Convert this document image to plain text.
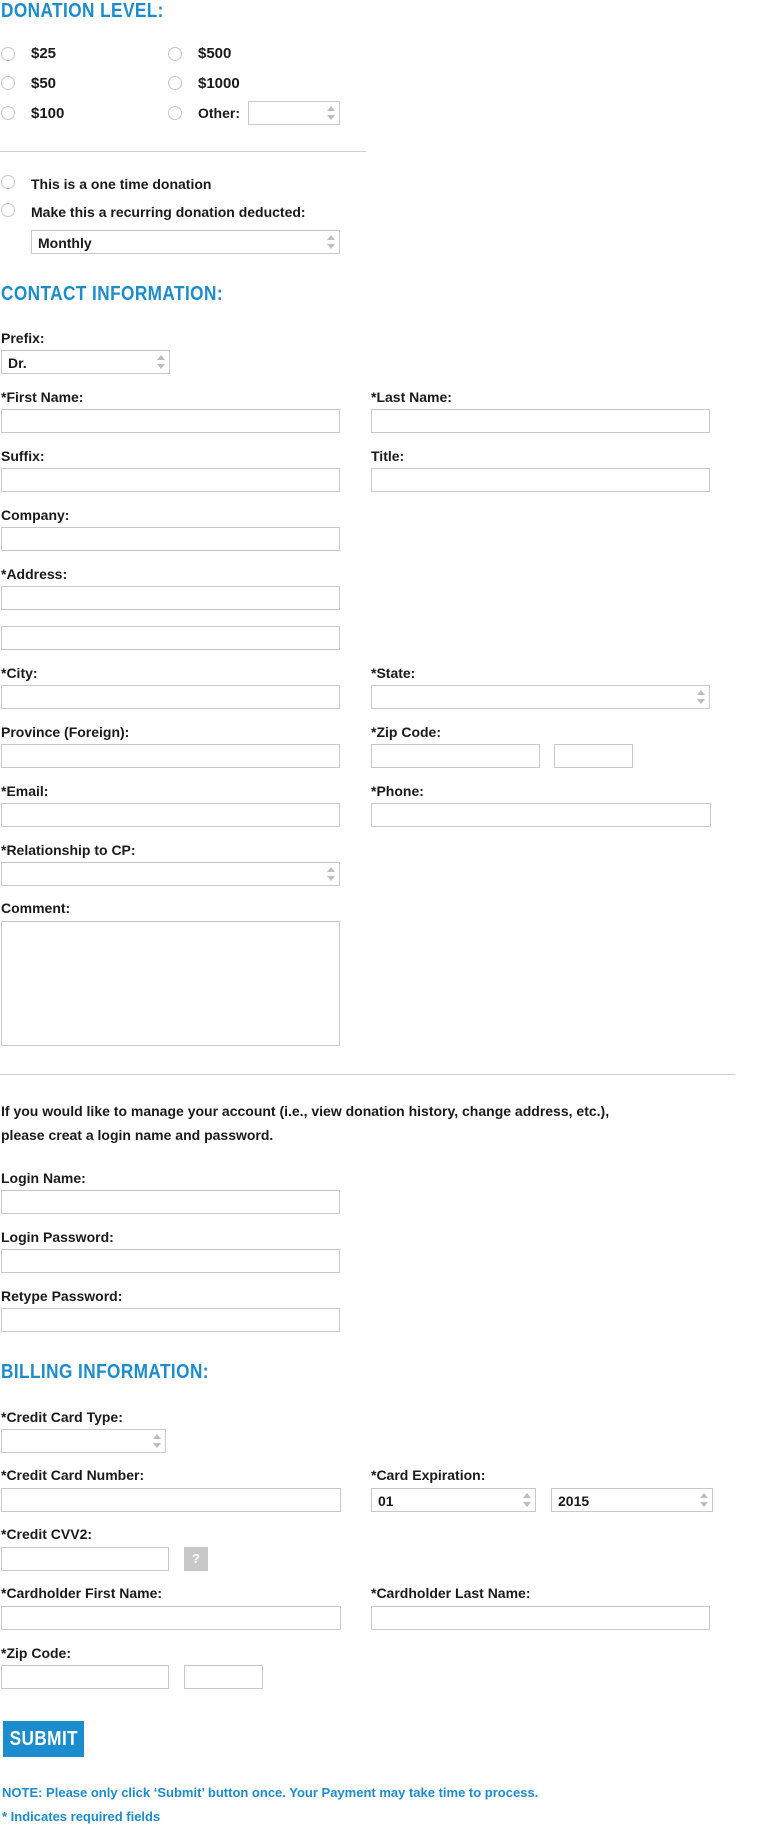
DONATION LEVEL:
$25	$500
$50	$1000
$100	Other:
This is a one time donation
Make this a recurring donation deducted:
Monthly
CONTACT INFORMATION:
Prefix:
Dr.
*First Name:	*Last Name:
Suffix:	Title:
Company:
*Address:
*City:	*State:
Province (Foreign):	*Zip Code:
*Email:	*Phone:
*Relationship to CP:
Comment:
If you would like to manage your account (i.e., view donation history, change address, etc.),
please creat a login name and password.
Login Name:
Login Password:
Retype Password:
BILLING INFORMATION:
*Credit Card Type:
*Credit Card Number:	*Card Expiration:
01	2015
*Credit CVV2:
?
*Cardholder First Name:	*Cardholder Last Name:
*Zip Code:
SUBMIT
NOTE: Please only click ‘Submit’ button once. Your Payment may take time to process.
* Indicates required fields
